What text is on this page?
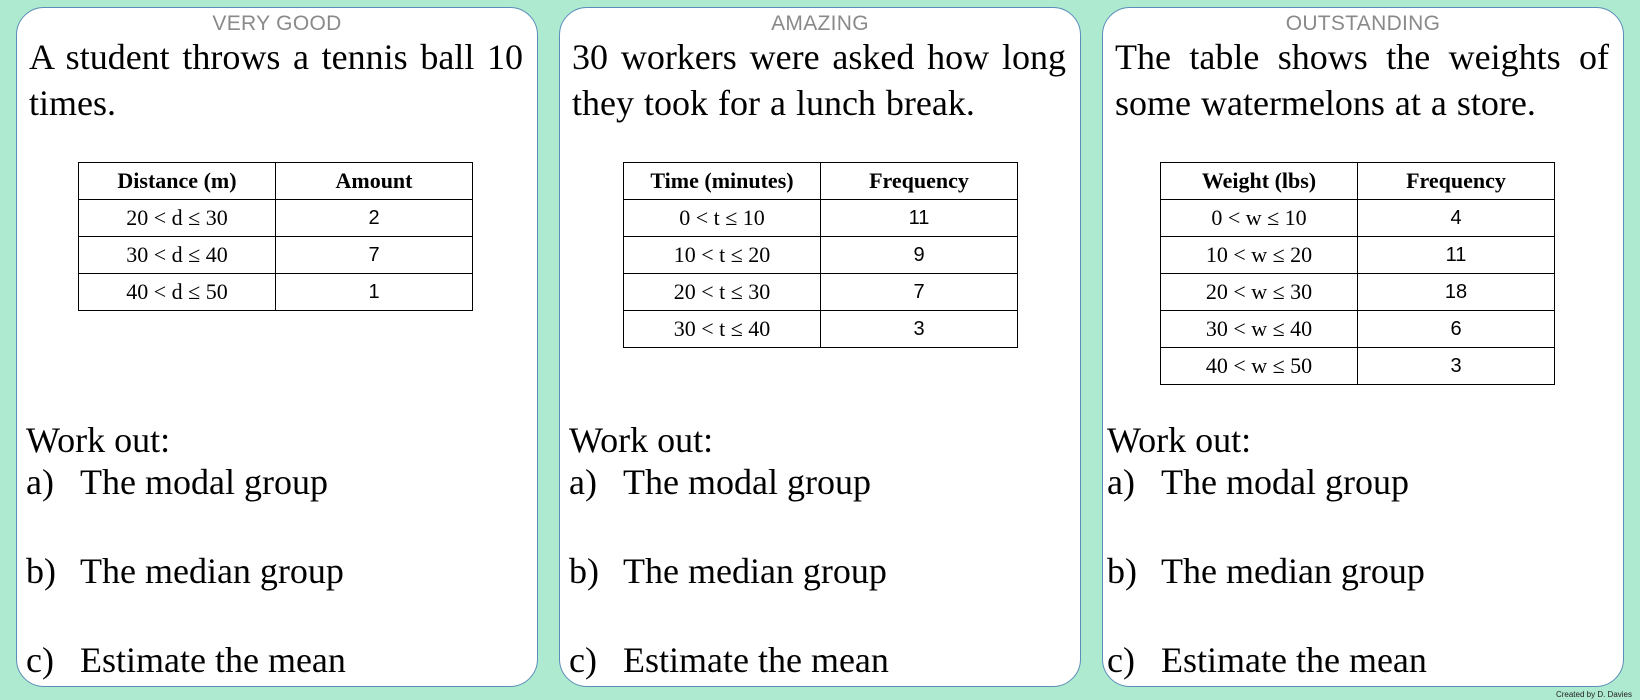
VERY GOOD
A student throws a tennis ball 10 times.
Distance (m)	Amount
20 < d ≤ 30	2
30 < d ≤ 40	7
40 < d ≤ 50	1
Work out:
a) The modal group
b) The median group
c) Estimate the mean
AMAZING
30 workers were asked how long they took for a lunch break.
Time (minutes)	Frequency
0 < t ≤ 10	11
10 < t ≤ 20	9
20 < t ≤ 30	7
30 < t ≤ 40	3
Work out:
a) The modal group
b) The median group
c) Estimate the mean
OUTSTANDING
The table shows the weights of some watermelons at a store.
Weight (lbs)	Frequency
0 < w ≤ 10	4
10 < w ≤ 20	11
20 < w ≤ 30	18
30 < w ≤ 40	6
40 < w ≤ 50	3
Work out:
a) The modal group
b) The median group
c) Estimate the mean
Created by D. Davies
